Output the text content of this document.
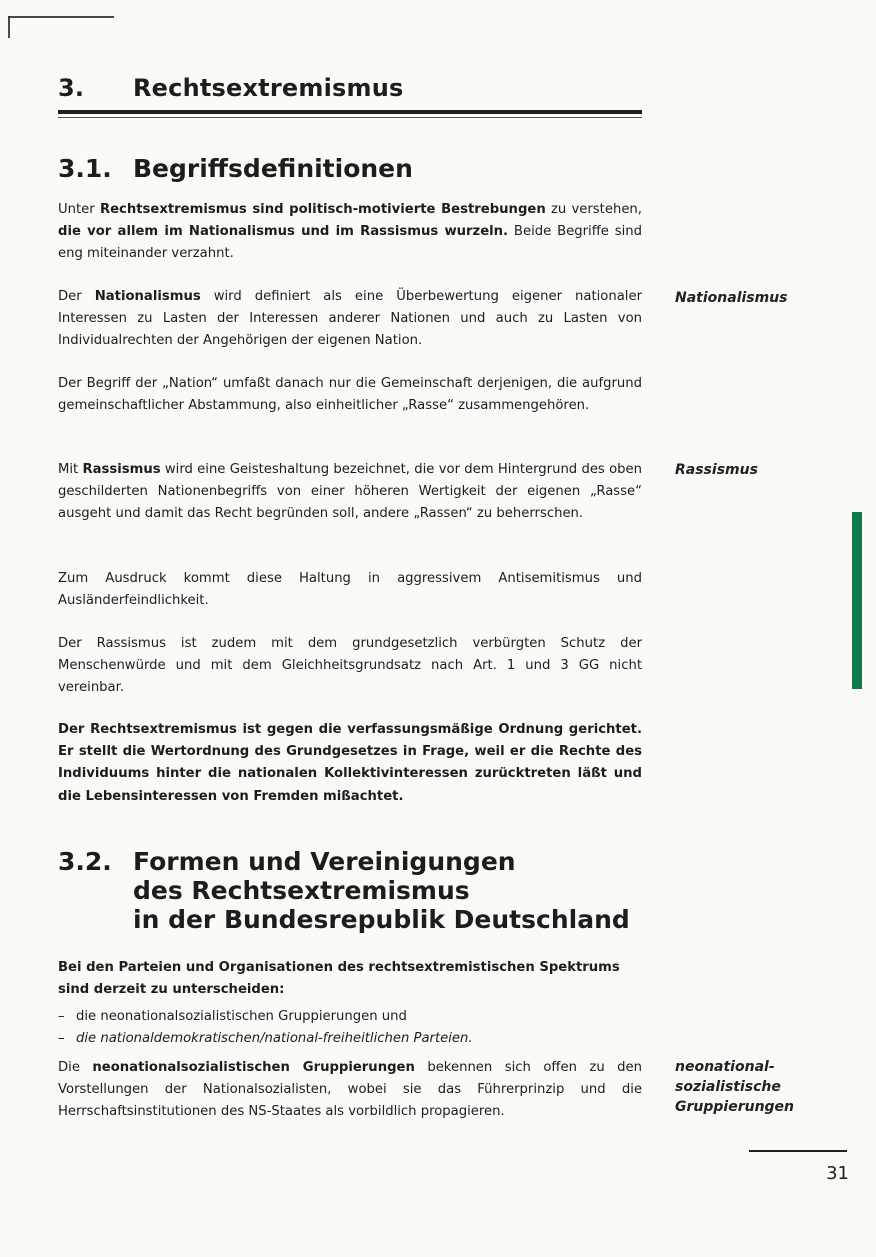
3. Rechtsextremismus
3.1. Begriffsdefinitionen
Unter Rechtsextremismus sind politisch-motivierte Bestrebungen zu verstehen, die vor allem im Nationalismus und im Rassismus wurzeln. Beide Begriffe sind eng miteinander verzahnt.
Der Nationalismus wird definiert als eine Überbewertung eigener nationaler Interessen zu Lasten der Interessen anderer Nationen und auch zu Lasten von Individualrechten der Angehörigen der eigenen Nation.
Der Begriff der „Nation“ umfaßt danach nur die Gemeinschaft derjenigen, die aufgrund gemeinschaftlicher Abstammung, also einheitlicher „Rasse“ zusammengehören.
Mit Rassismus wird eine Geisteshaltung bezeichnet, die vor dem Hintergrund des oben geschilderten Nationenbegriffs von einer höheren Wertigkeit der eigenen „Rasse“ ausgeht und damit das Recht begründen soll, andere „Rassen“ zu beherrschen.
Zum Ausdruck kommt diese Haltung in aggressivem Antisemitismus und Ausländerfeindlichkeit.
Der Rassismus ist zudem mit dem grundgesetzlich verbürgten Schutz der Menschenwürde und mit dem Gleichheitsgrundsatz nach Art. 1 und 3 GG nicht vereinbar.
Der Rechtsextremismus ist gegen die verfassungsmäßige Ordnung gerichtet. Er stellt die Wertordnung des Grundgesetzes in Frage, weil er die Rechte des Individuums hinter die nationalen Kollektivinteressen zurücktreten läßt und die Lebensinteressen von Fremden mißachtet.
Nationalismus
Rassismus
3.2. Formen und Vereinigungen
des Rechtsextremismus
in der Bundesrepublik Deutschland
Bei den Parteien und Organisationen des rechtsextremistischen Spektrums sind derzeit zu unterscheiden:
– die neonationalsozialistischen Gruppierungen und
– die nationaldemokratischen/national-freiheitlichen Parteien.
Die neonationalsozialistischen Gruppierungen bekennen sich offen zu den Vorstellungen der Nationalsozialisten, wobei sie das Führerprinzip und die Herrschaftsinstitutionen des NS-Staates als vorbildlich propagieren.
neonational-
sozialistische
Gruppierungen
31
